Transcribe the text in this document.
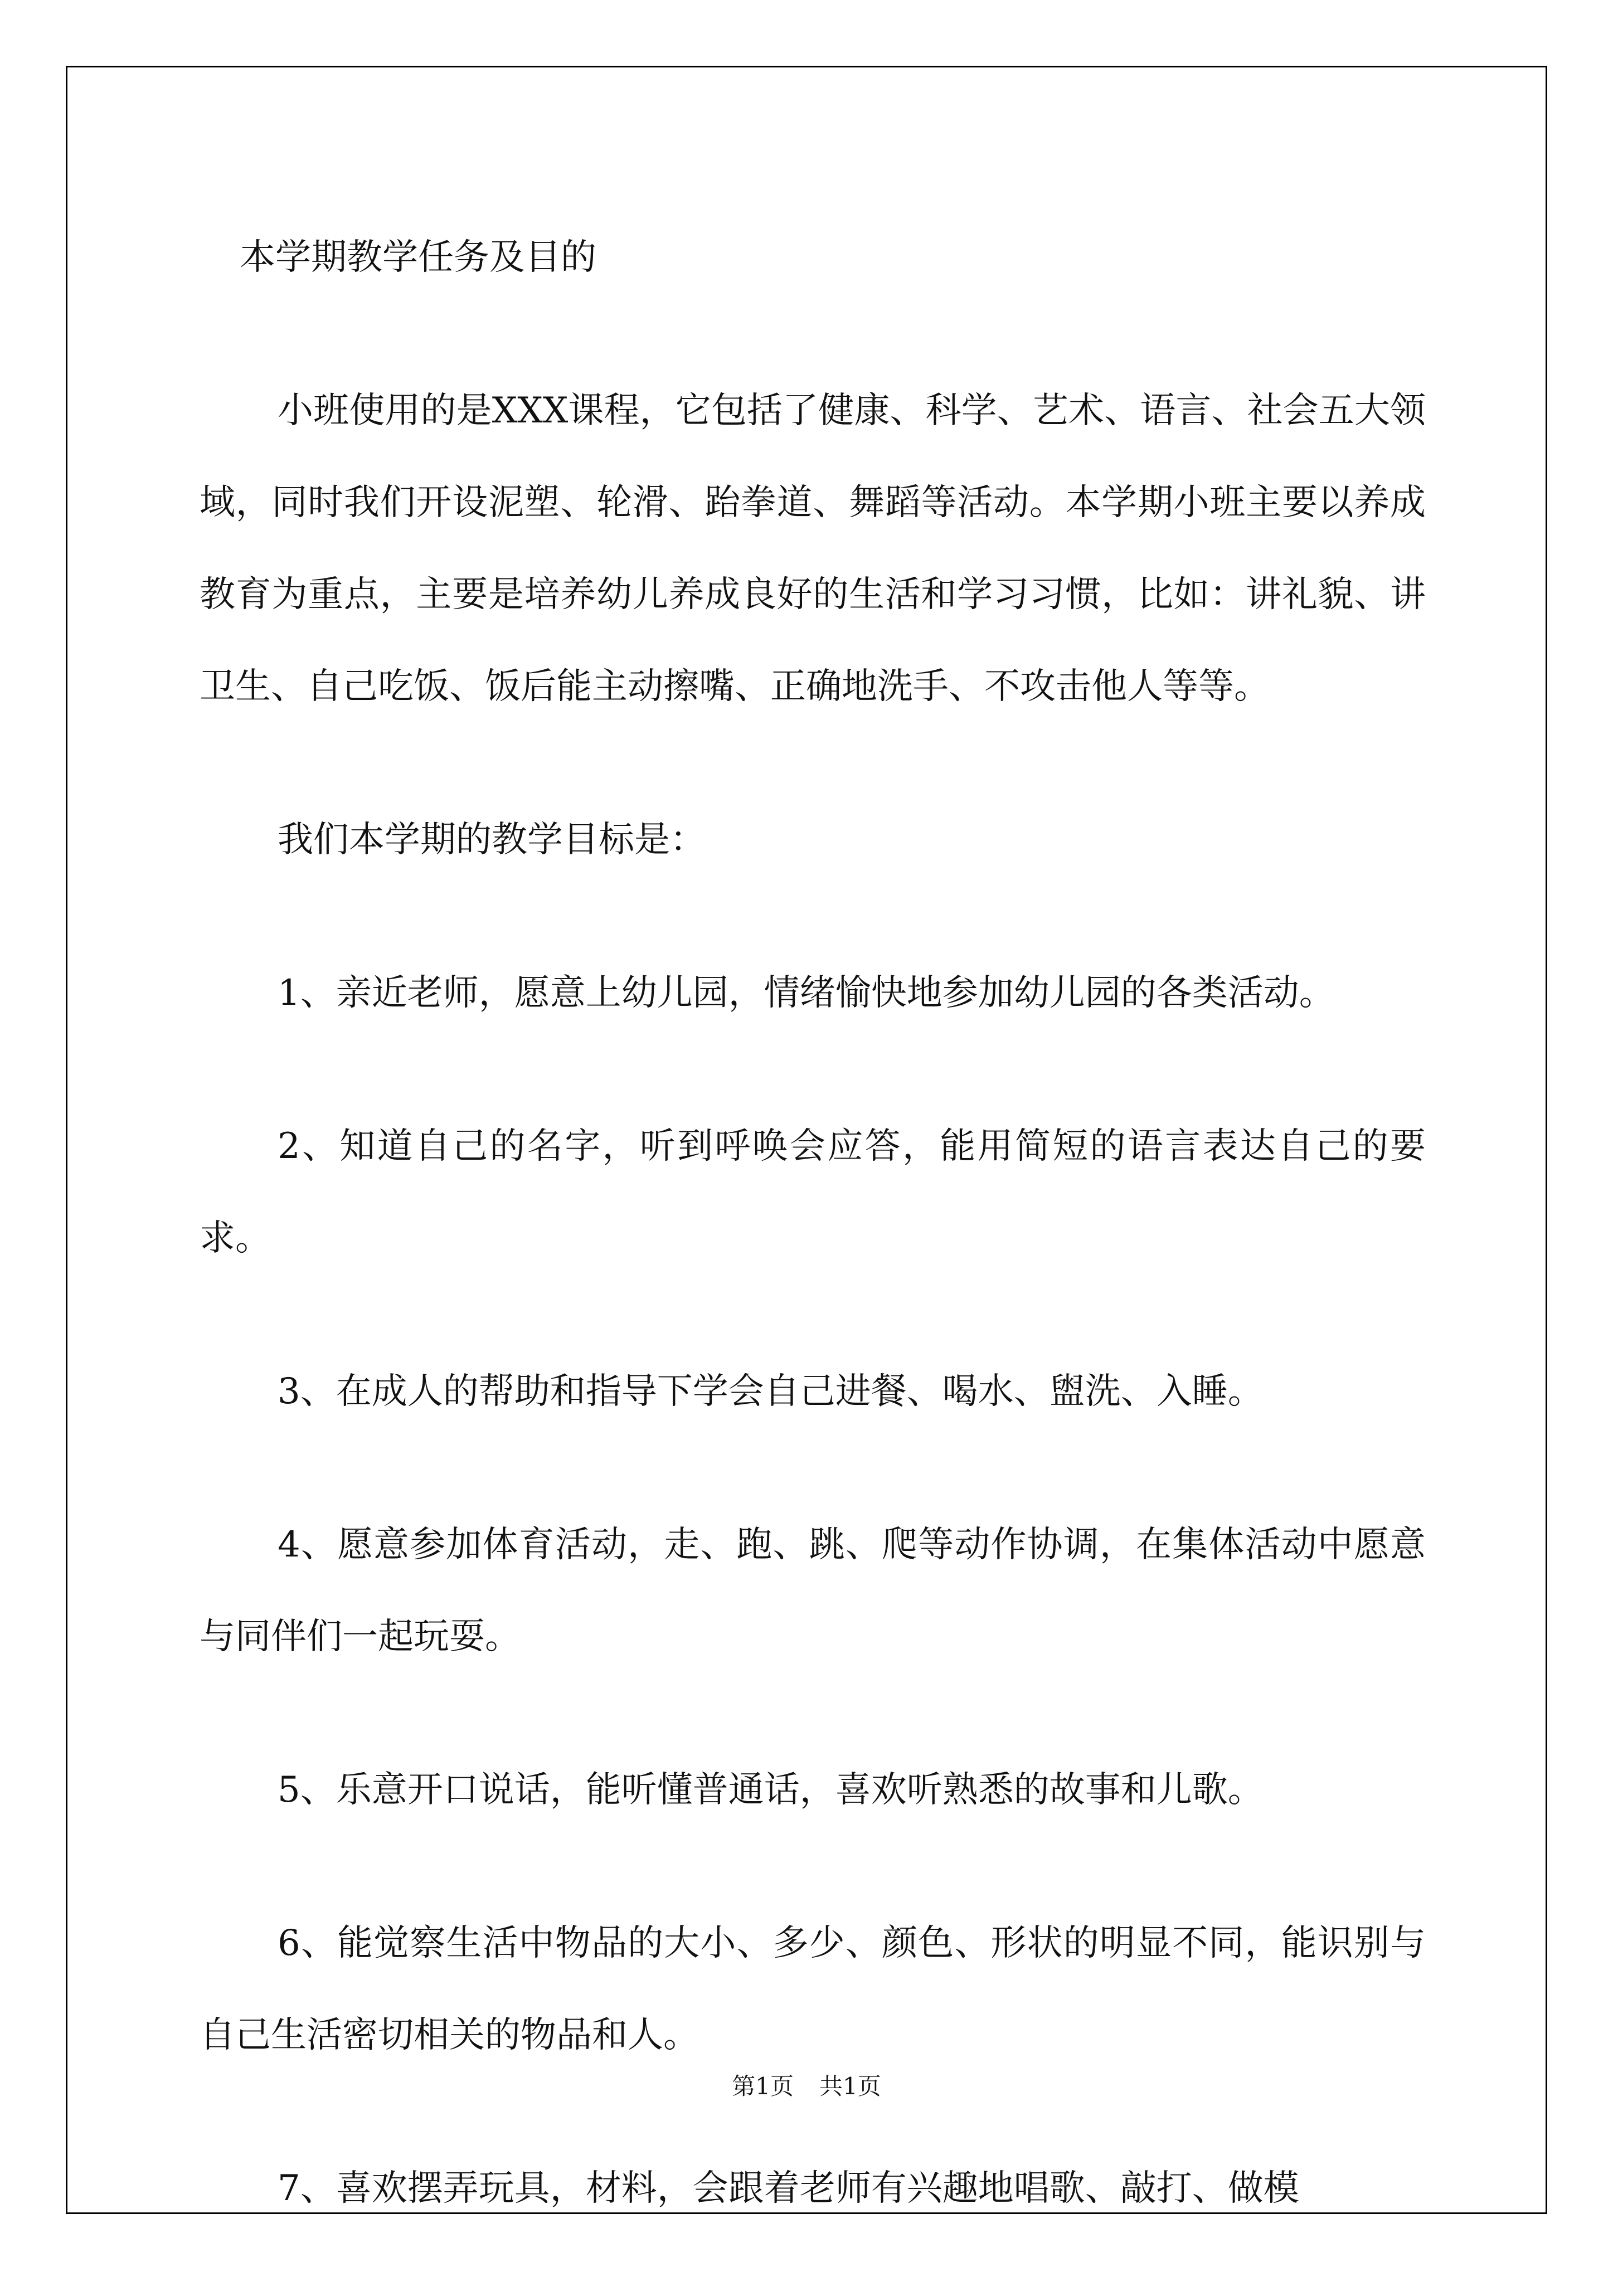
本学期教学任务及目的

小班使用的是XXX课程，它包括了健康、科学、艺术、语言、社会五大领域，同时我们开设泥塑、轮滑、跆拳道、舞蹈等活动。本学期小班主要以养成教育为重点，主要是培养幼儿养成良好的生活和学习习惯，比如：讲礼貌、讲卫生、自己吃饭、饭后能主动擦嘴、正确地洗手、不攻击他人等等。

我们本学期的教学目标是：

1、亲近老师，愿意上幼儿园，情绪愉快地参加幼儿园的各类活动。

2、知道自己的名字，听到呼唤会应答，能用简短的语言表达自己的要求。

3、在成人的帮助和指导下学会自己进餐、喝水、盥洗、入睡。

4、愿意参加体育活动，走、跑、跳、爬等动作协调，在集体活动中愿意与同伴们一起玩耍。

5、乐意开口说话，能听懂普通话，喜欢听熟悉的故事和儿歌。

6、能觉察生活中物品的大小、多少、颜色、形状的明显不同，能识别与自己生活密切相关的物品和人。

7、喜欢摆弄玩具，材料，会跟着老师有兴趣地唱歌、敲打、做模

第1页 共1页
